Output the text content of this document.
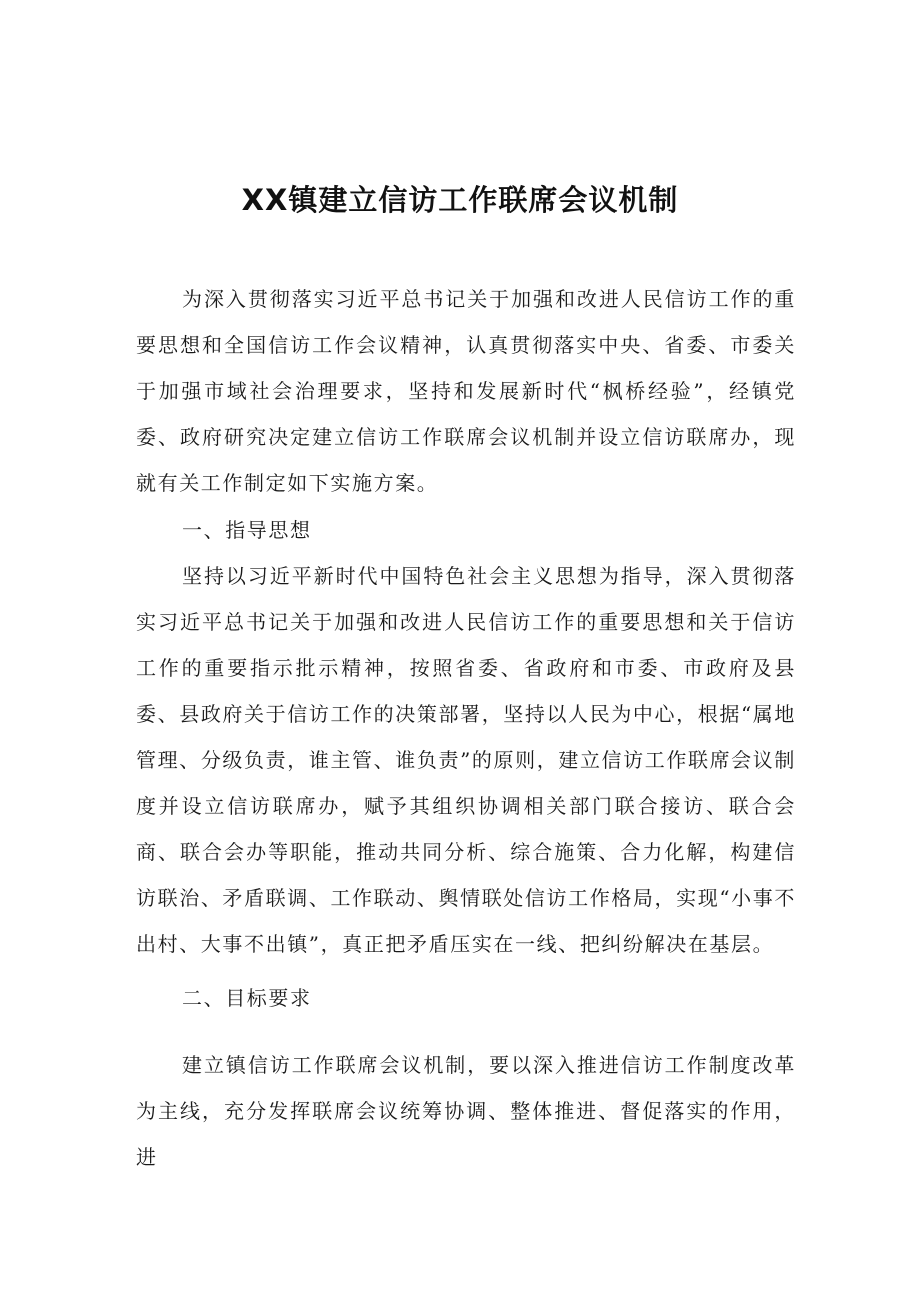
XX镇建立信访工作联席会议机制

为深入贯彻落实习近平总书记关于加强和改进人民信访工作的重要思想和全国信访工作会议精神，认真贯彻落实中央、省委、市委关于加强市域社会治理要求，坚持和发展新时代“枫桥经验”，经镇党委、政府研究决定建立信访工作联席会议机制并设立信访联席办，现就有关工作制定如下实施方案。

一、指导思想

坚持以习近平新时代中国特色社会主义思想为指导，深入贯彻落实习近平总书记关于加强和改进人民信访工作的重要思想和关于信访工作的重要指示批示精神，按照省委、省政府和市委、市政府及县委、县政府关于信访工作的决策部署，坚持以人民为中心，根据“属地管理、分级负责，谁主管、谁负责”的原则，建立信访工作联席会议制度并设立信访联席办，赋予其组织协调相关部门联合接访、联合会商、联合会办等职能，推动共同分析、综合施策、合力化解，构建信访联治、矛盾联调、工作联动、舆情联处信访工作格局，实现“小事不出村、大事不出镇”，真正把矛盾压实在一线、把纠纷解决在基层。

二、目标要求

建立镇信访工作联席会议机制，要以深入推进信访工作制度改革为主线，充分发挥联席会议统筹协调、整体推进、督促落实的作用，进
